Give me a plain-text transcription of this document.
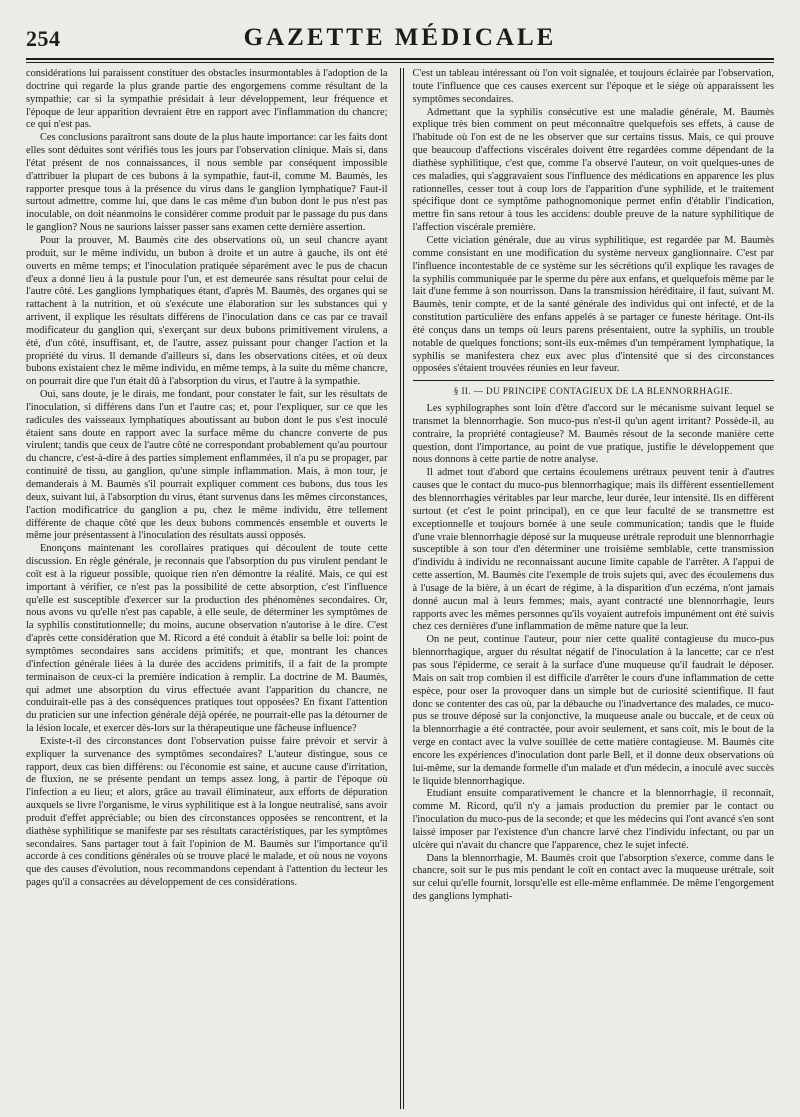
254	GAZETTE MÉDICALE

considérations lui paraissent constituer des obstacles insurmontables à l'adoption de la doctrine qui regarde la plus grande partie des engorgemens comme résultant de la sympathie; car si la sympathie présidait à leur développement, leur fréquence et l'époque de leur apparition devraient être en rapport avec l'inflammation du chancre; ce qui n'est pas.

Ces conclusions paraîtront sans doute de la plus haute importance: car les faits dont elles sont déduites sont vérifiés tous les jours par l'observation clinique. Mais si, dans l'état présent de nos connaissances, il nous semble par conséquent impossible d'attribuer la plupart de ces bubons à la sympathie, faut-il, comme M. Baumès, les rapporter presque tous à la présence du virus dans le ganglion lymphatique? Faut-il surtout admettre, comme lui, que dans le cas même d'un bubon dont le pus n'est pas inoculable, on doit néanmoins le considérer comme produit par le passage du pus dans le ganglion? Nous ne saurions laisser passer sans examen cette dernière assertion.

Pour la prouver, M. Baumès cite des observations où, un seul chancre ayant produit, sur le même individu, un bubon à droite et un autre à gauche, ils ont été ouverts en même temps; et l'inoculation pratiquée séparément avec le pus de chacun d'eux a donné lieu à la pustule pour l'un, et est demeurée sans résultat pour celui de l'autre côté. Les ganglions lymphatiques étant, d'après M. Baumès, des organes qui se rattachent à la nutrition, et où s'exécute une élaboration sur les substances qui y arrivent, il explique les résultats différens de l'inoculation dans ce cas par ce travail modificateur du ganglion qui, s'exerçant sur deux bubons primitivement virulens, a été, d'un côté, insuffisant, et, de l'autre, assez puissant pour changer l'action et la propriété du virus. Il demande d'ailleurs si, dans les observations citées, et où deux bubons existaient chez le même individu, en même temps, à la suite du même chancre, on pourrait dire que l'un était dû à l'absorption du virus, et l'autre à la sympathie.

Oui, sans doute, je le dirais, me fondant, pour constater le fait, sur les résultats de l'inoculation, si différens dans l'un et l'autre cas; et, pour l'expliquer, sur ce que les radicules des vaisseaux lymphatiques aboutissant au bubon dont le pus s'est inoculé étaient sans doute en rapport avec la surface même du chancre converte de pus virulent; tandis que ceux de l'autre côté ne correspondant probablement qu'au pourtour du chancre, c'est-à-dire à des parties simplement enflammées, il n'a pu se propager, par continuité de tissu, au ganglion, qu'une simple inflammation. Mais, à mon tour, je demanderais à M. Baumès s'il pourrait expliquer comment ces bubons, dus tous les deux, suivant lui, à l'absorption du virus, étant survenus dans les mêmes circonstances, l'action modificatrice du ganglion a pu, chez le même individu, être tellement différente de chaque côté que les deux bubons commencés ensemble et ouverts le même jour présentassent à l'inoculation des résultats aussi opposés.

Enonçons maintenant les corollaires pratiques qui découlent de toute cette discussion. En règle générale, je reconnais que l'absorption du pus virulent pendant le coït est à la rigueur possible, quoique rien n'en démontre la réalité. Mais, ce qui est important à vérifier, ce n'est pas la possibilité de cette absorption, c'est l'influence qu'elle est susceptible d'exercer sur la production des phénomènes secondaires. Or, nous avons vu qu'elle n'est pas capable, à elle seule, de déterminer les symptômes de la syphilis constitutionnelle; du moins, aucune observation n'autorise à le dire. C'est d'après cette considération que M. Ricord a été conduit à établir sa belle loi: point de symptômes secondaires sans accidens primitifs; et que, montrant les chances d'infection générale liées à la durée des accidens primitifs, il a fait de la prompte terminaison de ceux-ci la première indication à remplir. La doctrine de M. Baumès, qui admet une absorption du virus effectuée avant l'apparition du chancre, ne conduirait-elle pas à des conséquences pratiques tout opposées? En fixant l'attention du praticien sur une infection générale déjà opérée, ne pourrait-elle pas la détourner de la lésion locale, et exercer dès-lors sur la thérapeutique une fâcheuse influence?

Existe-t-il des circonstances dont l'observation puisse faire prévoir et servir à expliquer la survenance des symptômes secondaires? L'auteur distingue, sous ce rapport, deux cas bien différens: ou l'économie est saine, et aucune cause d'irritation, de fluxion, ne se présente pendant un temps assez long, à partir de l'époque où l'infection a eu lieu; et alors, grâce au travail éliminateur, aux efforts de dépuration auxquels se livre l'organisme, le virus syphilitique est à la longue neutralisé, sans avoir produit d'effet appréciable; ou bien des circonstances opposées se rencontrent, et la diathèse syphilitique se manifeste par ses résultats caractéristiques, par les symptômes secondaires. Sans partager tout à fait l'opinion de M. Baumès sur l'importance qu'il accorde à ces conditions générales où se trouve placé le malade, et où nous ne voyons que des causes d'évolution, nous recommandons cependant à l'attention du lecteur les pages qu'il a consacrées au développement de ces considérations.

C'est un tableau intéressant où l'on voit signalée, et toujours éclairée par l'observation, toute l'influence que ces causes exercent sur l'époque et le siége où apparaissent les symptômes secondaires.

Admettant que la syphilis consécutive est une maladie générale, M. Baumès explique très bien comment on peut méconnaître quelquefois ses effets, à cause de l'habitude où l'on est de ne les observer que sur certains tissus. Mais, ce qui prouve que beaucoup d'affections viscérales doivent être regardées comme dépendant de la diathèse syphilitique, c'est que, comme l'a observé l'auteur, on voit quelques-unes de ces maladies, qui s'aggravaient sous l'influence des médications en apparence les plus rationnelles, cesser tout à coup lors de l'apparition d'une syphilide, et le traitement spécifique dont ce symptôme pathognomonique permet enfin d'établir l'indication, mettre fin sans retour à tous les accidens: double preuve de la nature syphilitique de l'affection viscérale première.

Cette viciation générale, due au virus syphilitique, est regardée par M. Baumès comme consistant en une modification du système nerveux ganglionnaire. C'est par l'influence incontestable de ce système sur les sécrétions qu'il explique les ravages de la syphilis communiquée par le sperme du père aux enfans, et quelquefois même par le lait d'une femme à son nourrisson. Dans la transmission héréditaire, il faut, suivant M. Baumès, tenir compte, et de la santé générale des individus qui ont infecté, et de la constitution particulière des enfans appelés à se partager ce funeste héritage. Ont-ils été conçus dans un temps où leurs parens présentaient, outre la syphilis, un trouble notable de quelques fonctions; sont-ils eux-mêmes d'un tempérament lymphatique, la syphilis se manifestera chez eux avec plus d'intensité que si des circonstances opposées s'étaient trouvées réunies en leur faveur.

§ II. — DU PRINCIPE CONTAGIEUX DE LA BLENNORRHAGIE.

Les syphilographes sont loin d'être d'accord sur le mécanisme suivant lequel se transmet la blennorrhagie. Son muco-pus n'est-il qu'un agent irritant? Possède-il, au contraire, la propriété contagieuse? M. Baumès résout de la seconde manière cette question, dont l'importance, au point de vue pratique, justifie le développement que nous donnons à cette partie de notre analyse.

Il admet tout d'abord que certains écoulemens urétraux peuvent tenir à d'autres causes que le contact du muco-pus blennorrhagique; mais ils diffèrent essentiellement des blennorrhagies véritables par leur marche, leur durée, leur intensité. Ils en diffèrent surtout (et c'est le point principal), en ce que leur faculté de se transmettre est exceptionnelle et toujours bornée à une seule communication; tandis que le fluide d'une vraie blennorrhagie déposé sur la muqueuse urétrale reproduit une blennorrhagie susceptible à son tour d'en déterminer une troisième semblable, cette transmission d'individu à individu ne reconnaissant aucune limite capable de l'arrêter. A l'appui de cette assertion, M. Baumès cite l'exemple de trois sujets qui, avec des écoulemens dus à l'usage de la bière, à un écart de régime, à la disparition d'un eczéma, n'ont jamais donné aucun mal à leurs femmes; mais, ayant contracté une blennorrhagie, leurs rapports avec les mêmes personnes qu'ils voyaient autrefois impunément ont été suivis chez ces dernières d'une inflammation de même nature que la leur.

On ne peut, continue l'auteur, pour nier cette qualité contagieuse du muco-pus blennorrhagique, arguer du résultat négatif de l'inoculation à la lancette; car ce n'est pas sous l'épiderme, ce serait à la surface d'une muqueuse qu'il faudrait le déposer. Mais on sait trop combien il est difficile d'arrêter le cours d'une inflammation de cette espèce, pour oser la provoquer dans un simple but de curiosité scientifique. Il faut donc se contenter des cas où, par la débauche ou l'inadvertance des malades, ce muco-pus se trouve déposé sur la conjonctive, la muqueuse anale ou buccale, et de ceux où la blennorrhagie a été contractée, pour avoir seulement, et sans coït, mis le bout de la verge en contact avec la vulve souillée de cette matière contagieuse. M. Baumès cite encore les expériences d'inoculation dont parle Bell, et il donne deux observations où lui-même, sur la demande formelle d'un malade et d'un médecin, a inoculé avec succès le liquide blennorrhagique.

Etudiant ensuite comparativement le chancre et la blennorrhagie, il reconnaît, comme M. Ricord, qu'il n'y a jamais production du premier par le contact ou l'inoculation du muco-pus de la seconde; et que les médecins qui l'ont avancé s'en sont laissé imposer par l'existence d'un chancre larvé chez l'individu infectant, ou par un ulcère qui n'avait du chancre que l'apparence, chez le sujet infecté.

Dans la blennorrhagie, M. Baumès croit que l'absorption s'exerce, comme dans le chancre, soit sur le pus mis pendant le coït en contact avec la muqueuse urétrale, soit sur celui qu'elle fournit, lorsqu'elle est elle-même enflammée. De même l'engorgement des ganglions lymphati-
